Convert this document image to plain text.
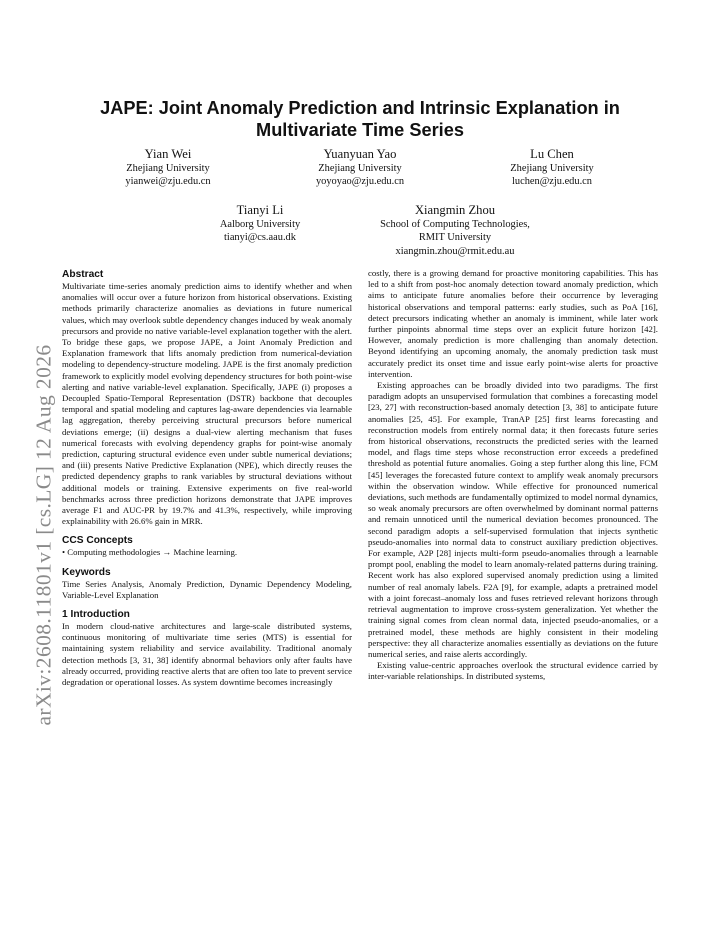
arXiv:2608.11801v1 [cs.LG] 12 Aug 2026
JAPE: Joint Anomaly Prediction and Intrinsic Explanation in Multivariate Time Series
Yian Wei
Zhejiang University
yianwei@zju.edu.cn
Yuanyuan Yao
Zhejiang University
yoyoyao@zju.edu.cn
Lu Chen
Zhejiang University
luchen@zju.edu.cn
Tianyi Li
Aalborg University
tianyi@cs.aau.dk
Xiangmin Zhou
School of Computing Technologies,
RMIT University
xiangmin.zhou@rmit.edu.au
Abstract

Multivariate time-series anomaly prediction aims to identify whether and when anomalies will occur over a future horizon from historical observations. Existing methods primarily characterize anomalies as deviations in future numerical values, which may overlook subtle dependency changes induced by weak anomaly precursors and provide no native variable-level explanation together with the alert. To bridge these gaps, we propose JAPE, a Joint Anomaly Prediction and Explanation framework that lifts anomaly prediction from numerical-deviation modeling to dependency-structure modeling. JAPE is the first anomaly prediction framework to explicitly model evolving dependency structures for both point-wise alerting and native variable-level explanation. Specifically, JAPE (i) proposes a Decoupled Spatio-Temporal Representation (DSTR) backbone that decouples temporal and spatial modeling and captures lag-aware dependencies via learnable lag aggregation, thereby perceiving structural precursors before numerical deviations emerge; (ii) designs a dual-view alerting mechanism that fuses numerical forecasts with evolving dependency graphs for point-wise anomaly prediction, capturing structural evidence even under subtle numerical deviations; and (iii) presents Native Predictive Explanation (NPE), which directly reuses the predicted dependency graphs to rank variables by structural deviations without additional models or training. Extensive experiments on five real-world benchmarks across three prediction horizons demonstrate that JAPE improves average F1 and AUC-PR by 19.7% and 41.3%, respectively, while improving explainability with 26.6% gain in MRR.

CCS Concepts

• Computing methodologies → Machine learning.

Keywords

Time Series Analysis, Anomaly Prediction, Dynamic Dependency Modeling, Variable-Level Explanation

1 Introduction

In modern cloud-native architectures and large-scale distributed systems, continuous monitoring of multivariate time series (MTS) is essential for maintaining system reliability and service availability. Traditional anomaly detection methods [3, 31, 38] identify abnormal behaviors only after faults have already occurred, providing reactive alerts that are often too late to prevent service degradation or operational losses. As system downtime becomes increasingly

costly, there is a growing demand for proactive monitoring capabilities. This has led to a shift from post-hoc anomaly detection toward anomaly prediction, which aims to anticipate future anomalies before their occurrence by leveraging historical observations and temporal patterns: early studies, such as PoA [16], detect precursors indicating whether an anomaly is imminent, while later work further pinpoints abnormal time steps over an explicit future horizon [42]. However, anomaly prediction is more challenging than anomaly detection. Beyond identifying an upcoming anomaly, the anomaly prediction task must accurately predict its onset time and issue early point-wise alerts for proactive intervention.

Existing approaches can be broadly divided into two paradigms. The first paradigm adopts an unsupervised formulation that combines a forecasting model [23, 27] with reconstruction-based anomaly detection [3, 38] to anticipate future anomalies [25, 45]. For example, TranAP [25] first learns forecasting and reconstruction models from entirely normal data; it then forecasts future series from historical observations, reconstructs the predicted series with the learned model, and flags time steps whose reconstruction error exceeds a predefined threshold as potential future anomalies. Going a step further along this line, FCM [45] leverages the forecasted future context to amplify weak anomaly precursors within the observation window. While effective for pronounced numerical deviations, such methods are fundamentally optimized to model normal dynamics, so weak anomaly precursors are often overwhelmed by dominant normal patterns and remain unnoticed until the numerical deviation becomes pronounced. The second paradigm adopts a self-supervised formulation that injects synthetic pseudo-anomalies into normal data to construct auxiliary prediction objectives. For example, A2P [28] injects multi-form pseudo-anomalies through a learnable prompt pool, enabling the model to learn anomaly-related patterns during training. Recent work has also explored supervised anomaly prediction using a limited number of real anomaly labels. F2A [9], for example, adapts a pretrained model with a joint forecast–anomaly loss and fuses retrieved relevant horizons through retrieval augmentation to improve cross-system generalization. Yet whether the training signal comes from clean normal data, injected pseudo-anomalies, or a pretrained model, these methods are highly consistent in their modeling perspective: they all characterize anomalies essentially as deviations on the future numerical series, and raise alerts accordingly.

Existing value-centric approaches overlook the structural evidence carried by inter-variable relationships. In distributed systems,
